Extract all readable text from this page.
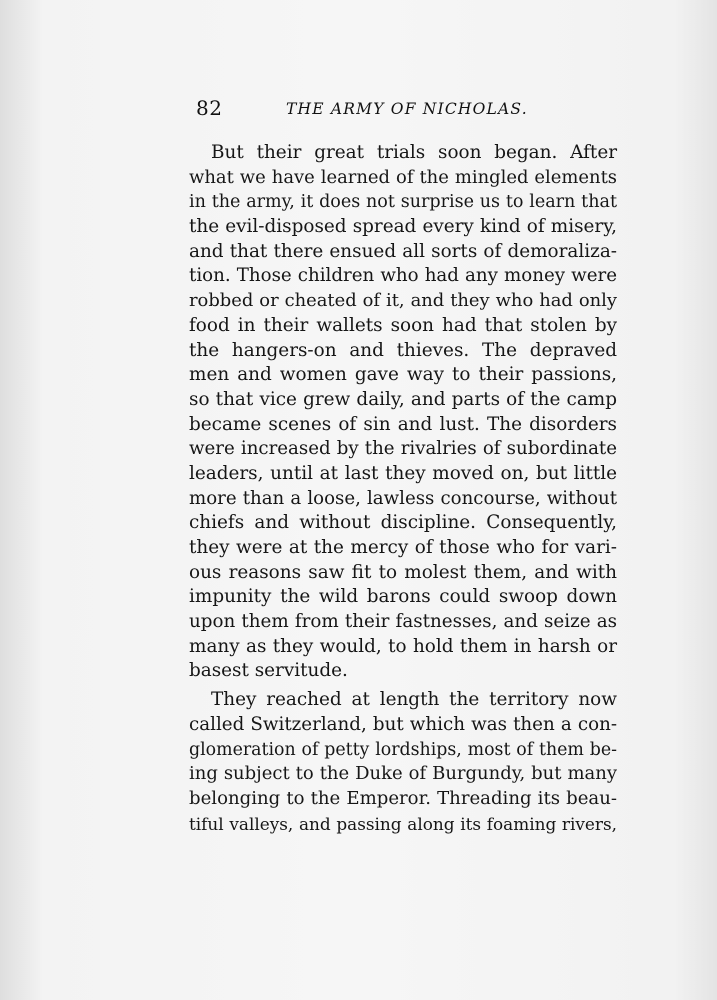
82	THE ARMY OF NICHOLAS.
But their great trials soon began. After
what we have learned of the mingled elements
in the army, it does not surprise us to learn that
the evil-disposed spread every kind of misery,
and that there ensued all sorts of demoraliza-
tion. Those children who had any money were
robbed or cheated of it, and they who had only
food in their wallets soon had that stolen by
the hangers-on and thieves. The depraved
men and women gave way to their passions,
so that vice grew daily, and parts of the camp
became scenes of sin and lust. The disorders
were increased by the rivalries of subordinate
leaders, until at last they moved on, but little
more than a loose, lawless concourse, without
chiefs and without discipline. Consequently,
they were at the mercy of those who for vari-
ous reasons saw fit to molest them, and with
impunity the wild barons could swoop down
upon them from their fastnesses, and seize as
many as they would, to hold them in harsh or
basest servitude.
They reached at length the territory now
called Switzerland, but which was then a con-
glomeration of petty lordships, most of them be-
ing subject to the Duke of Burgundy, but many
belonging to the Emperor. Threading its beau-
tiful valleys, and passing along its foaming rivers,
